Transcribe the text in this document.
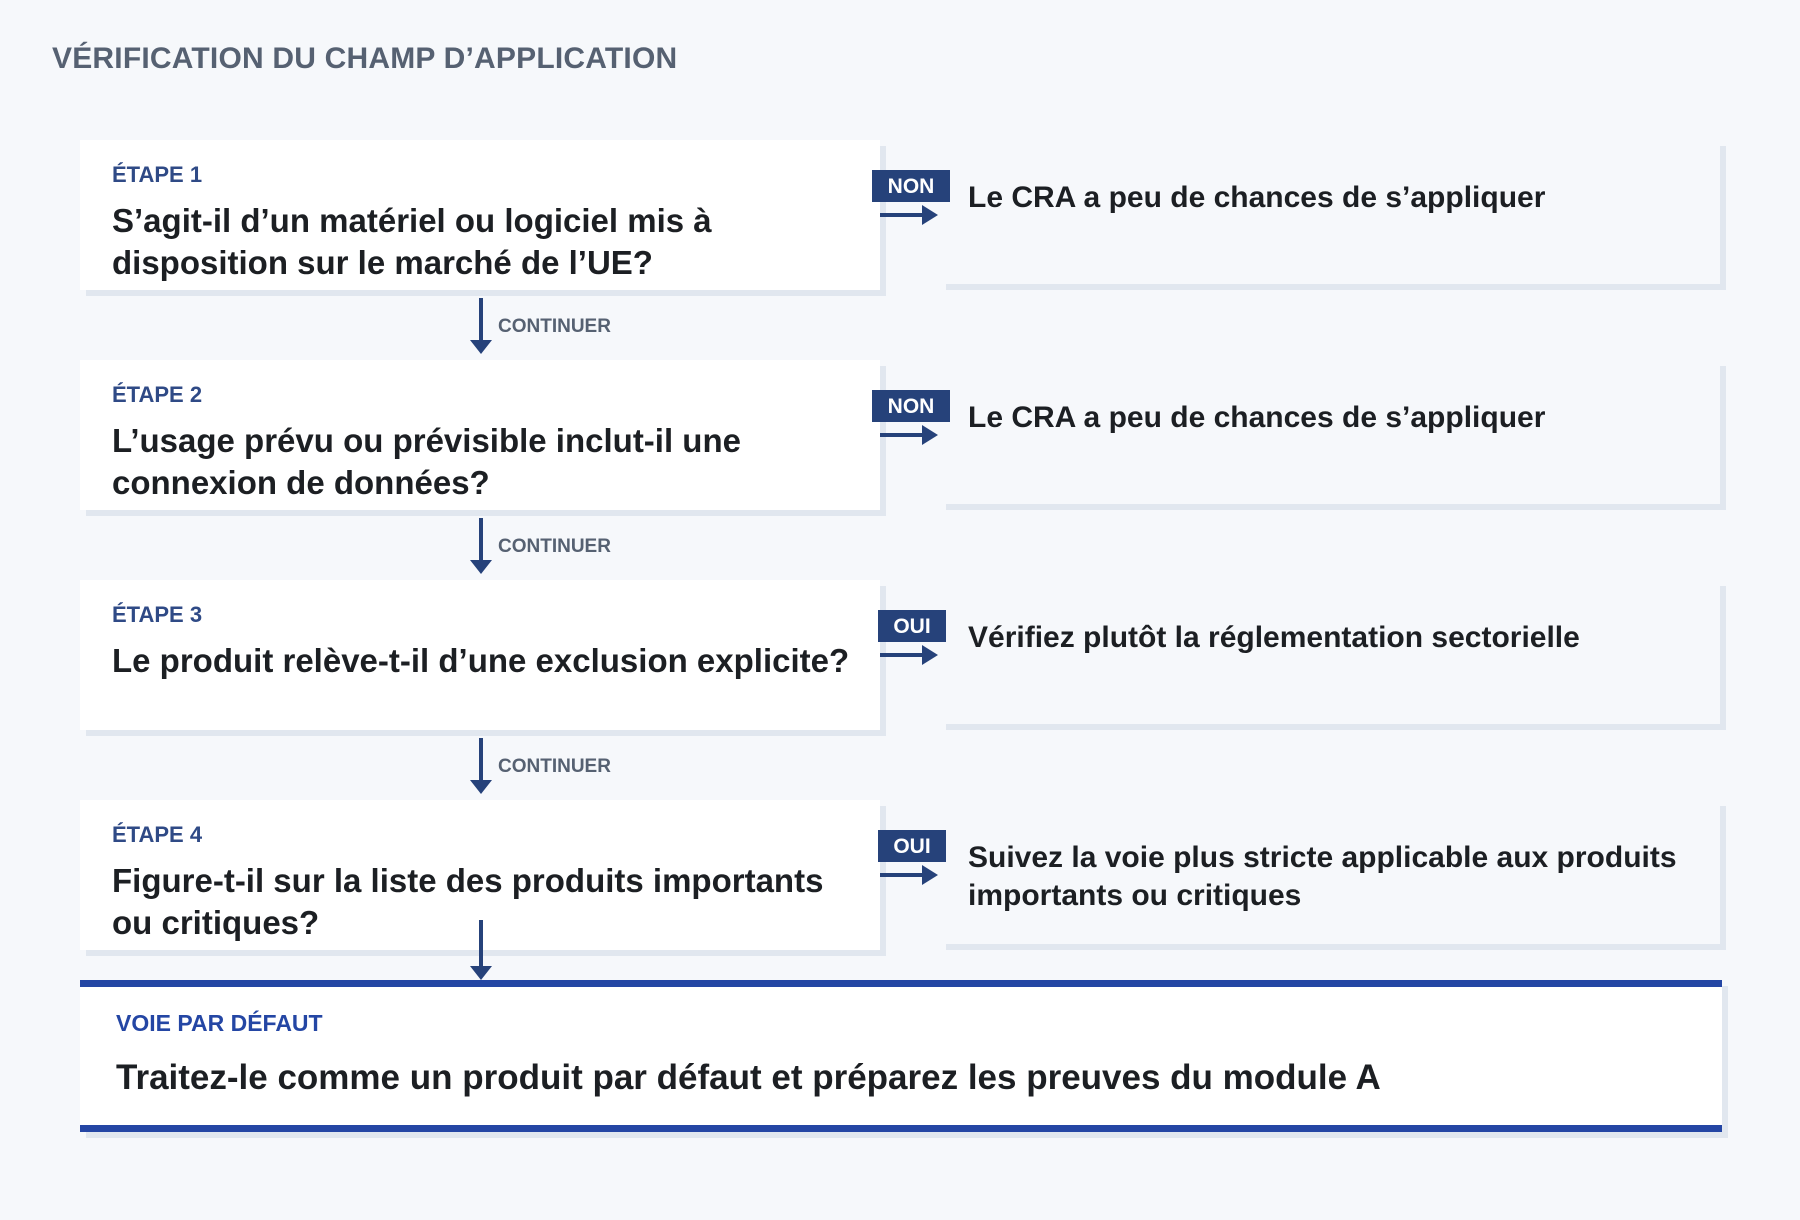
VÉRIFICATION DU CHAMP D’APPLICATION
ÉTAPE 1
S’agit-il d’un matériel ou logiciel mis à disposition sur le marché de l’UE?
NON	Le CRA a peu de chances de s’appliquer
CONTINUER
ÉTAPE 2
L’usage prévu ou prévisible inclut-il une connexion de données?
NON	Le CRA a peu de chances de s’appliquer
CONTINUER
ÉTAPE 3
Le produit relève-t-il d’une exclusion explicite?
OUI	Vérifiez plutôt la réglementation sectorielle
CONTINUER
ÉTAPE 4
Figure-t-il sur la liste des produits importants ou critiques?
OUI	Suivez la voie plus stricte applicable aux produits importants ou critiques
VOIE PAR DÉFAUT
Traitez-le comme un produit par défaut et préparez les preuves du module A
